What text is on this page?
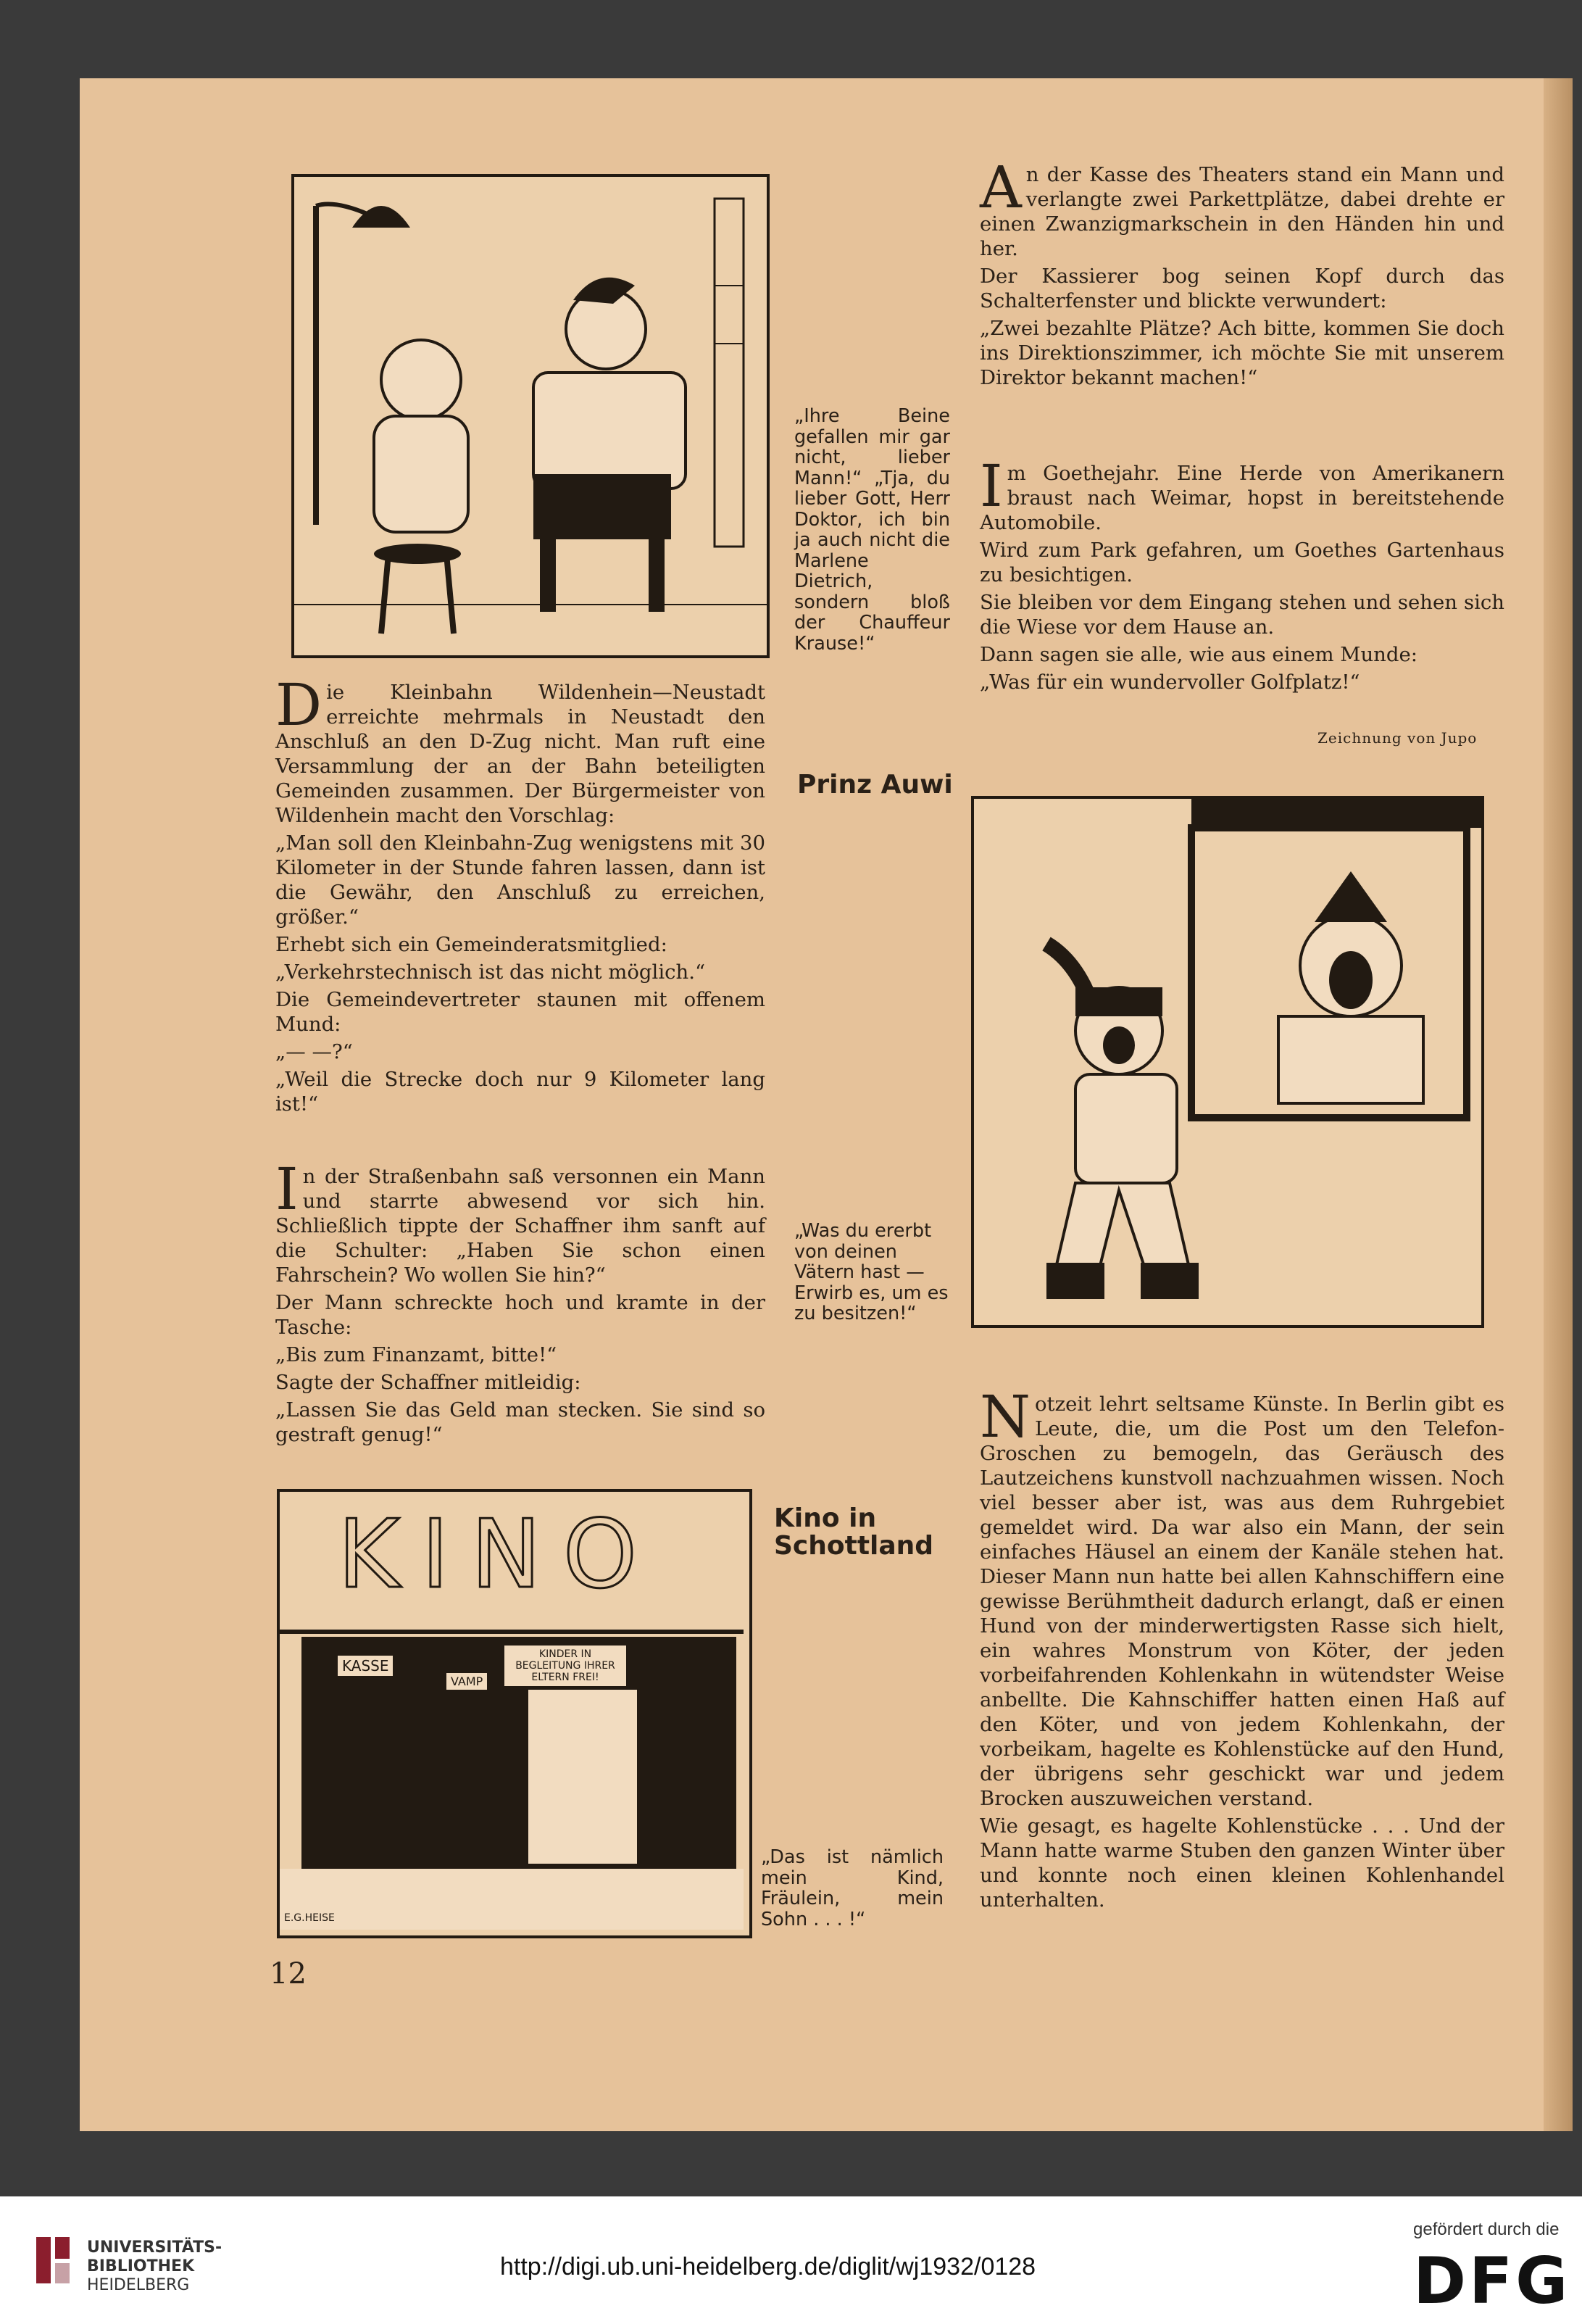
„Ihre Beine gefallen mir gar nicht, lieber Mann!“ „Tja, du lieber Gott, Herr Doktor, ich bin ja auch nicht die Marlene Dietrich, sondern bloß der Chauffeur Krause!“
A n der Kasse des Theaters stand ein Mann und verlangte zwei Parkettplätze, dabei drehte er einen Zwanzigmarkschein in den Händen hin und her.

Der Kassierer bog seinen Kopf durch das Schalterfenster und blickte verwundert:

„Zwei bezahlte Plätze? Ach bitte, kommen Sie doch ins Direktionszimmer, ich möchte Sie mit unserem Direktor bekannt machen!“

I m Goethejahr. Eine Herde von Amerikanern braust nach Weimar, hopst in bereitstehende Automobile.

Wird zum Park gefahren, um Goethes Gartenhaus zu besichtigen.

Sie bleiben vor dem Eingang stehen und sehen sich die Wiese vor dem Hause an.

Dann sagen sie alle, wie aus einem Munde:

„Was für ein wundervoller Golfplatz!“

Zeichnung von Jupo
D ie Kleinbahn Wildenhein—Neustadt erreichte mehrmals in Neustadt den Anschluß an den D-Zug nicht. Man ruft eine Versammlung der an der Bahn beteiligten Gemeinden zusammen. Der Bürgermeister von Wildenhein macht den Vorschlag:

„Man soll den Kleinbahn-Zug wenigstens mit 30 Kilometer in der Stunde fahren lassen, dann ist die Gewähr, den Anschluß zu erreichen, größer.“

Erhebt sich ein Gemeinderatsmitglied:

„Verkehrstechnisch ist das nicht möglich.“

Die Gemeindevertreter staunen mit offenem Mund:

„— —?“

„Weil die Strecke doch nur 9 Kilometer lang ist!“

Prinz Auwi
„Was du ererbt von deinen Vätern hast —Erwirb es, um es zu besitzen!“
I n der Straßenbahn saß versonnen ein Mann und starrte abwesend vor sich hin. Schließlich tippte der Schaffner ihm sanft auf die Schulter: „Haben Sie schon einen Fahrschein? Wo wollen Sie hin?“

Der Mann schreckte hoch und kramte in der Tasche:

„Bis zum Finanzamt, bitte!“

Sagte der Schaffner mitleidig:

„Lassen Sie das Geld man stecken. Sie sind so gestraft genug!“	N otzeit lehrt seltsame Künste. In Berlin gibt es Leute, die, um die Post um den Telefon-Groschen zu bemogeln, das Geräusch des Lautzeichens kunstvoll nachzuahmen wissen. Noch viel besser aber ist, was aus dem Ruhrgebiet gemeldet wird. Da war also ein Mann, der sein einfaches Häusel an einem der Kanäle stehen hat. Dieser Mann nun hatte bei allen Kahnschiffern eine gewisse Berühmtheit dadurch erlangt, daß er einen Hund von der minderwertigsten Rasse sich hielt, ein wahres Monstrum von Köter, der jeden vorbeifahrenden Kohlenkahn in wütendster Weise anbellte. Die Kahnschiffer hatten einen Haß auf den Köter, und von jedem Kohlenkahn, der vorbeikam, hagelte es Kohlenstücke auf den Hund, der übrigens sehr geschickt war und jedem Brocken auszuweichen verstand.

Wie gesagt, es hagelte Kohlenstücke . . . Und der Mann hatte warme Stuben den ganzen Winter über und konnte noch einen kleinen Kohlenhandel unterhalten.

Kino in Schottland
KINO
KINDER IN BEGLEITUNG IHRER ELTERN FREI!
KASSE
VAMP
E.G.HEISE
„Das ist nämlich mein Kind, Fräulein, mein Sohn . . . !“
12
UNIVERSITÄTS-
BIBLIOTHEK
HEIDELBERG
http://digi.ub.uni-heidelberg.de/diglit/wj1932/0128
gefördert durch die
DFG
